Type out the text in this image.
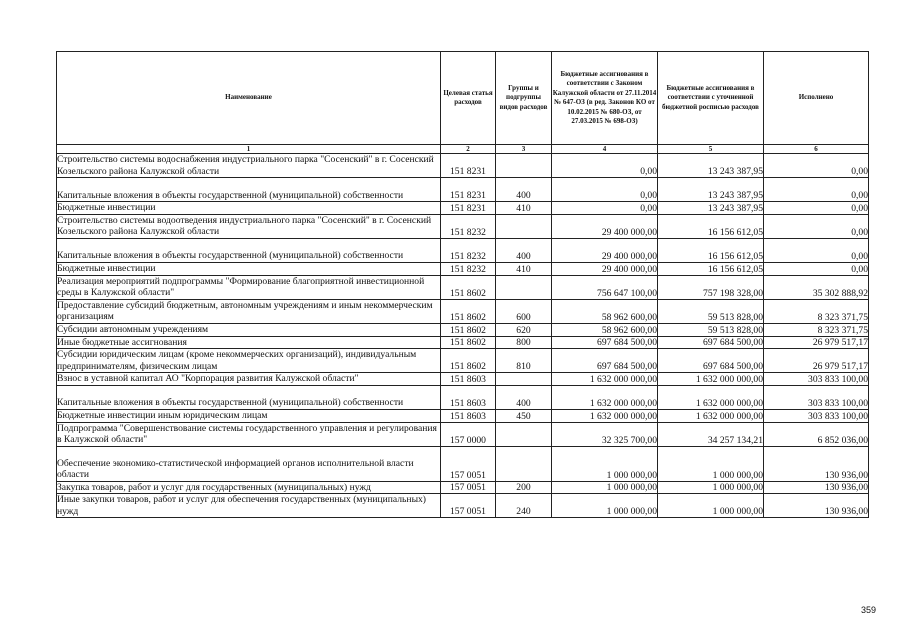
Наименование	Целевая статья расходов	Группы и подгруппы видов расходов	Бюджетные ассигнования в соответствии с Законом Калужской области от 27.11.2014 № 647-ОЗ (в ред. Законов КО от 10.02.2015 № 680-ОЗ, от 27.03.2015 № 698-ОЗ)	Бюджетные ассигнования в соответствии с уточненной бюджетной росписью расходов	Исполнено
1	2	3	4	5	6
Строительство системы водоснабжения индустриального парка "Сосенский" в г. Сосенский Козельского района Калужской области	151 8231		0,00	13 243 387,95	0,00
Капитальные вложения в объекты государственной (муниципальной) собственности	151 8231	400	0,00	13 243 387,95	0,00
Бюджетные инвестиции	151 8231	410	0,00	13 243 387,95	0,00
Строительство системы водоотведения индустриального парка "Сосенский" в г. Сосенский Козельского района Калужской области	151 8232		29 400 000,00	16 156 612,05	0,00
Капитальные вложения в объекты государственной (муниципальной) собственности	151 8232	400	29 400 000,00	16 156 612,05	0,00
Бюджетные инвестиции	151 8232	410	29 400 000,00	16 156 612,05	0,00
Реализация мероприятий подпрограммы "Формирование благоприятной инвестиционной среды в Калужской области"	151 8602		756 647 100,00	757 198 328,00	35 302 888,92
Предоставление субсидий бюджетным, автономным учреждениям и иным некоммерческим организациям	151 8602	600	58 962 600,00	59 513 828,00	8 323 371,75
Субсидии автономным учреждениям	151 8602	620	58 962 600,00	59 513 828,00	8 323 371,75
Иные бюджетные ассигнования	151 8602	800	697 684 500,00	697 684 500,00	26 979 517,17
Субсидии юридическим лицам (кроме некоммерческих организаций), индивидуальным предпринимателям, физическим лицам	151 8602	810	697 684 500,00	697 684 500,00	26 979 517,17
Взнос в уставной капитал АО "Корпорация развития Калужской области"	151 8603		1 632 000 000,00	1 632 000 000,00	303 833 100,00
Капитальные вложения в объекты государственной (муниципальной) собственности	151 8603	400	1 632 000 000,00	1 632 000 000,00	303 833 100,00
Бюджетные инвестиции иным юридическим лицам	151 8603	450	1 632 000 000,00	1 632 000 000,00	303 833 100,00
Подпрограмма "Совершенствование системы государственного управления и регулирования в Калужской области"	157 0000		32 325 700,00	34 257 134,21	6 852 036,00
Обеспечение экономико-статистической информацией органов исполнительной власти области	157 0051		1 000 000,00	1 000 000,00	130 936,00
Закупка товаров, работ и услуг для государственных (муниципальных) нужд	157 0051	200	1 000 000,00	1 000 000,00	130 936,00
Иные закупки товаров, работ и услуг для обеспечения государственных (муниципальных) нужд	157 0051	240	1 000 000,00	1 000 000,00	130 936,00
359
